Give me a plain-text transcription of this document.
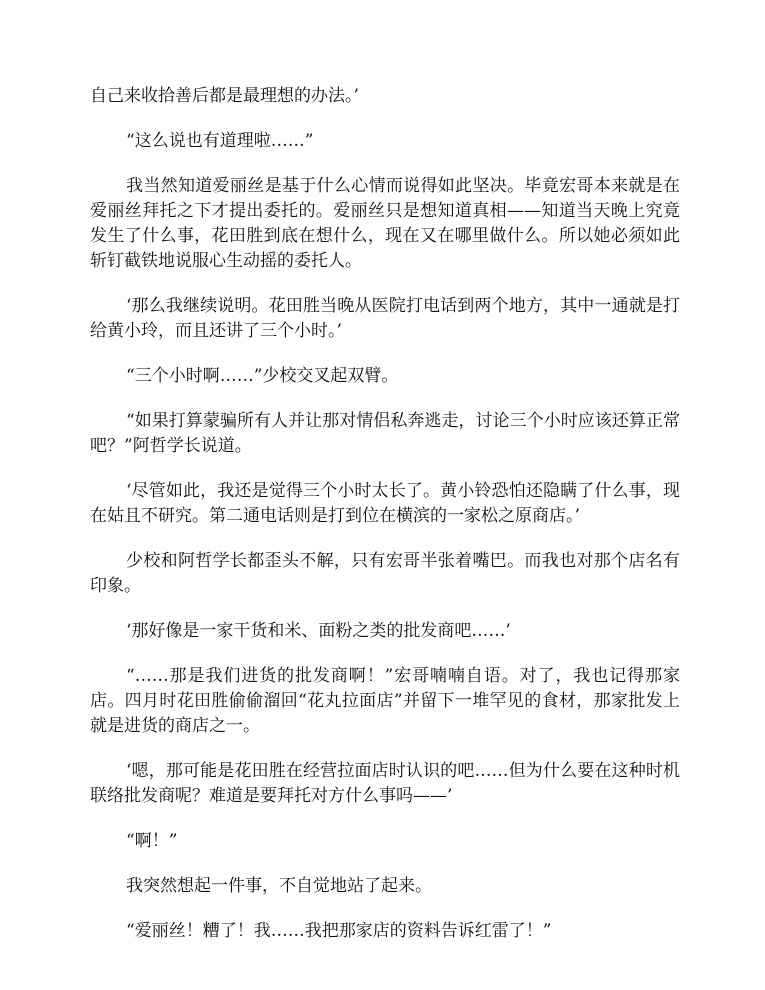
自己来收拾善后都是最理想的办法。’

“这么说也有道理啦……”

我当然知道爱丽丝是基于什么心情而说得如此坚决。毕竟宏哥本来就是在爱丽丝拜托之下才提出委托的。爱丽丝只是想知道真相——知道当天晚上究竟发生了什么事，花田胜到底在想什么，现在又在哪里做什么。所以她必须如此斩钉截铁地说服心生动摇的委托人。

‘那么我继续说明。花田胜当晚从医院打电话到两个地方，其中一通就是打给黄小玲，而且还讲了三个小时。’

“三个小时啊……”少校交叉起双臂。

“如果打算蒙骗所有人并让那对情侣私奔逃走，讨论三个小时应该还算正常吧？”阿哲学长说道。

‘尽管如此，我还是觉得三个小时太长了。黄小铃恐怕还隐瞒了什么事，现在姑且不研究。第二通电话则是打到位在横滨的一家松之原商店。’

少校和阿哲学长都歪头不解，只有宏哥半张着嘴巴。而我也对那个店名有印象。

‘那好像是一家干货和米、面粉之类的批发商吧……’

“……那是我们进货的批发商啊！”宏哥喃喃自语。对了，我也记得那家店。四月时花田胜偷偷溜回“花丸拉面店”并留下一堆罕见的食材，那家批发上就是进货的商店之一。

‘嗯，那可能是花田胜在经营拉面店时认识的吧……但为什么要在这种时机联络批发商呢？难道是要拜托对方什么事吗——’

“啊！”

我突然想起一件事，不自觉地站了起来。

“爱丽丝！糟了！我……我把那家店的资料告诉红雷了！”
